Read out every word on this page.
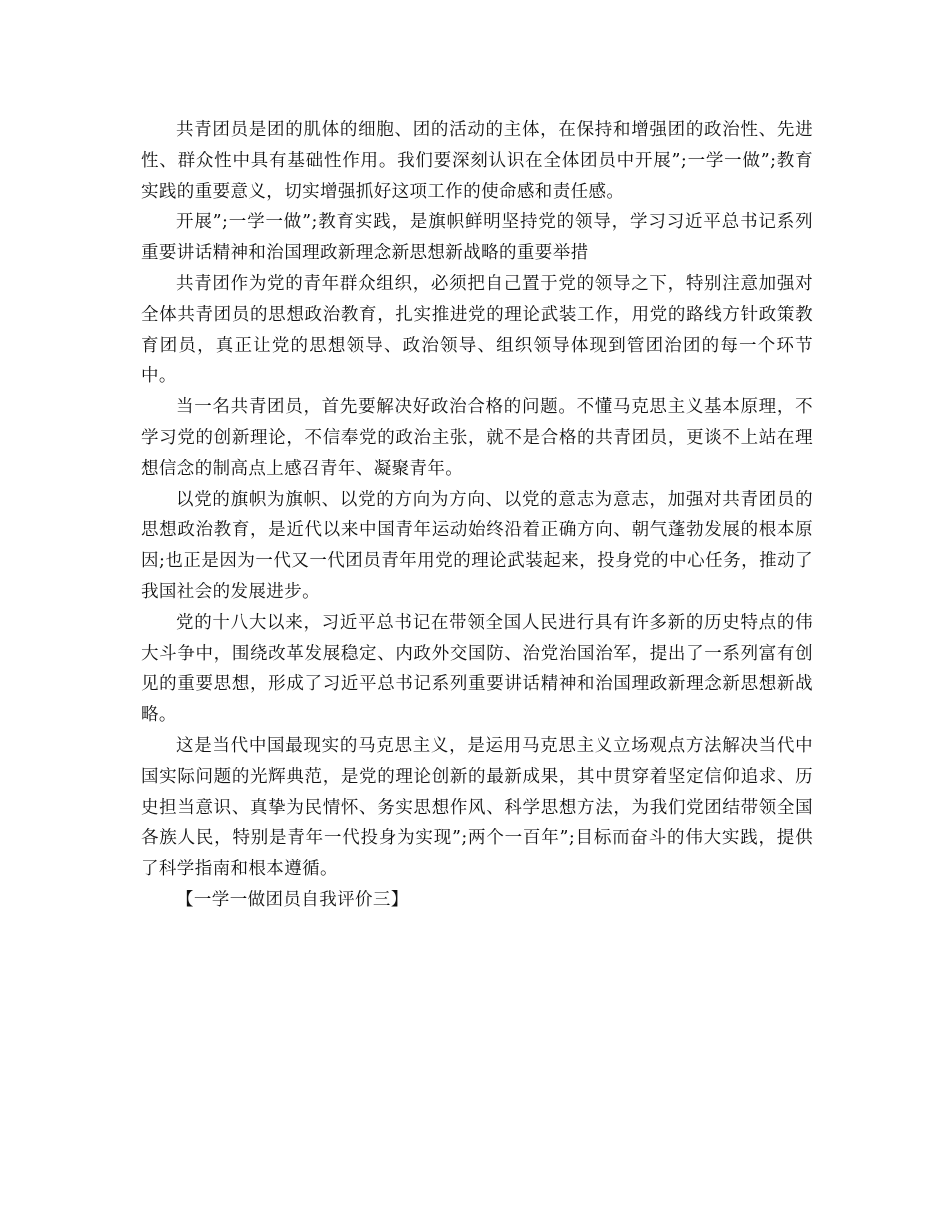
共青团员是团的肌体的细胞、团的活动的主体，在保持和增强团的政治性、先进性、群众性中具有基础性作用。我们要深刻认识在全体团员中开展”;一学一做”;教育实践的重要意义，切实增强抓好这项工作的使命感和责任感。

开展”;一学一做”;教育实践，是旗帜鲜明坚持党的领导，学习习近平总书记系列重要讲话精神和治国理政新理念新思想新战略的重要举措

共青团作为党的青年群众组织，必须把自己置于党的领导之下，特别注意加强对全体共青团员的思想政治教育，扎实推进党的理论武装工作，用党的路线方针政策教育团员，真正让党的思想领导、政治领导、组织领导体现到管团治团的每一个环节中。

当一名共青团员，首先要解决好政治合格的问题。不懂马克思主义基本原理，不学习党的创新理论，不信奉党的政治主张，就不是合格的共青团员，更谈不上站在理想信念的制高点上感召青年、凝聚青年。

以党的旗帜为旗帜、以党的方向为方向、以党的意志为意志，加强对共青团员的思想政治教育，是近代以来中国青年运动始终沿着正确方向、朝气蓬勃发展的根本原因;也正是因为一代又一代团员青年用党的理论武装起来，投身党的中心任务，推动了我国社会的发展进步。

党的十八大以来，习近平总书记在带领全国人民进行具有许多新的历史特点的伟大斗争中，围绕改革发展稳定、内政外交国防、治党治国治军，提出了一系列富有创见的重要思想，形成了习近平总书记系列重要讲话精神和治国理政新理念新思想新战略。

这是当代中国最现实的马克思主义，是运用马克思主义立场观点方法解决当代中国实际问题的光辉典范，是党的理论创新的最新成果，其中贯穿着坚定信仰追求、历史担当意识、真挚为民情怀、务实思想作风、科学思想方法，为我们党团结带领全国各族人民，特别是青年一代投身为实现”;两个一百年”;目标而奋斗的伟大实践，提供了科学指南和根本遵循。

【一学一做团员自我评价三】
